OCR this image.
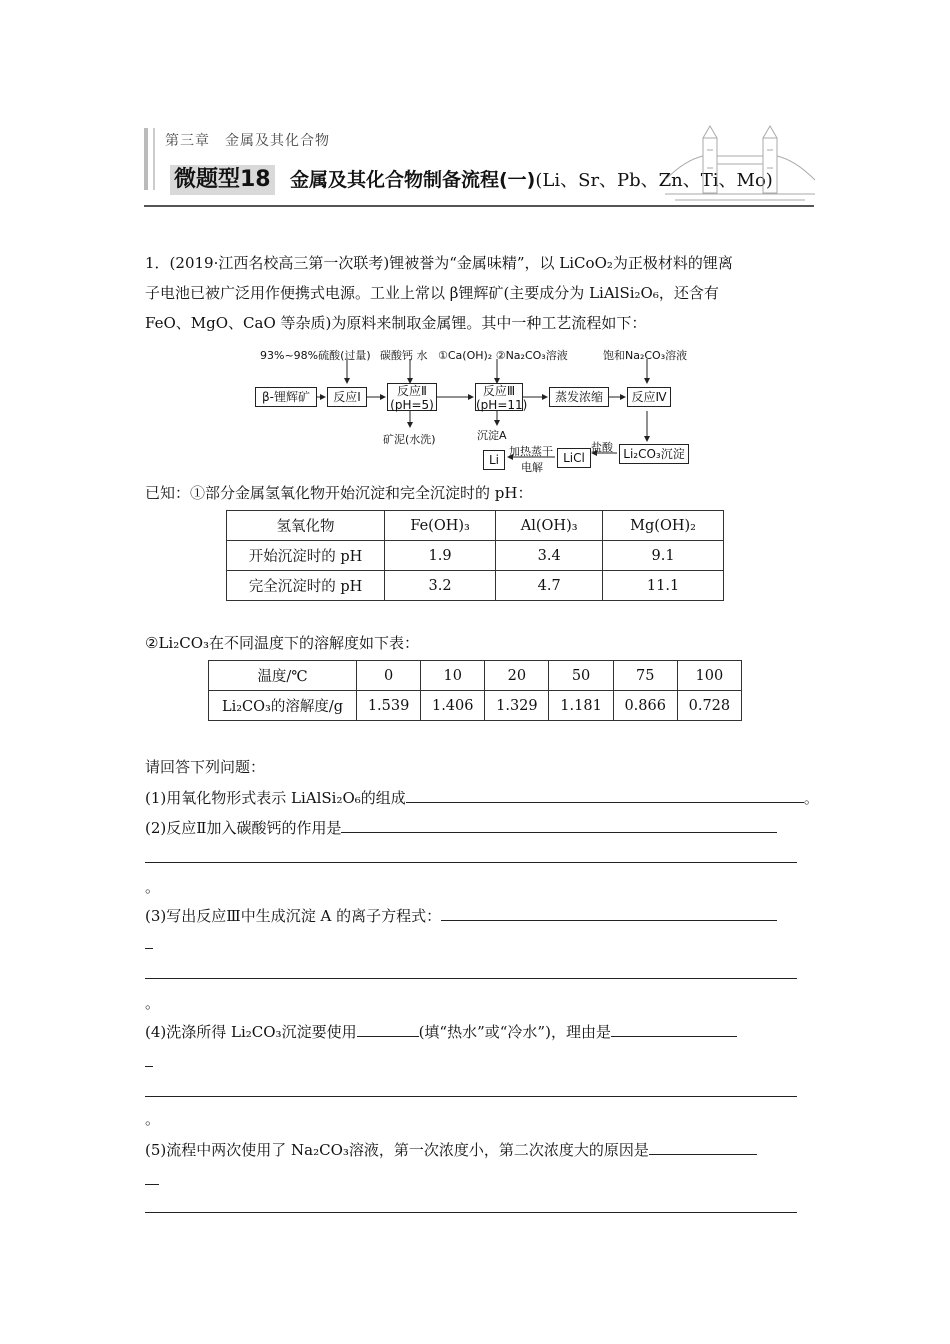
第三章　金属及其化合物
微题型18 金属及其化合物制备流程(一)(Li、Sr、Pb、Zn、Ti、Mo)
1．(2019·江西名校高三第一次联考)锂被誉为“金属味精”，以 LiCoO₂为正极材料的锂离
子电池已被广泛用作便携式电源。工业上常以 β锂辉矿(主要成分为 LiAlSi₂O₆，还含有
FeO、MgO、CaO 等杂质)为原料来制取金属锂。其中一种工艺流程如下：
93%~98%硫酸(过量) 碳酸钙 水 ①Ca(OH)₂ ②Na₂CO₃溶液	饱和Na₂CO₃溶液
β-锂辉矿	反应Ⅰ	反应Ⅱ
(pH=5)
反应Ⅲ
(pH=11)
蒸发浓缩	反应Ⅳ
矿泥(水洗)	沉淀A
Li₂CO₃沉淀
盐酸
LiCl
加热蒸干
电解
Li
已知：①部分金属氢氧化物开始沉淀和完全沉淀时的 pH：
氢氧化物	Fe(OH)₃	Al(OH)₃	Mg(OH)₂
开始沉淀时的 pH	1.9	3.4	9.1
完全沉淀时的 pH	3.2	4.7	11.1
②Li₂CO₃在不同温度下的溶解度如下表：
温度/℃	0	10	20	50	75	100
Li₂CO₃的溶解度/g	1.539	1.406	1.329	1.181	0.866	0.728
请回答下列问题：
(1)用氧化物形式表示 LiAlSi₂O₆的组成	。
(2)反应Ⅱ加入碳酸钙的作用是
。
(3)写出反应Ⅲ中生成沉淀 A 的离子方程式：
。
(4)洗涤所得 Li₂CO₃沉淀要使用	(填“热水”或“冷水”)，理由是
。
(5)流程中两次使用了 Na₂CO₃溶液，第一次浓度小，第二次浓度大的原因是
